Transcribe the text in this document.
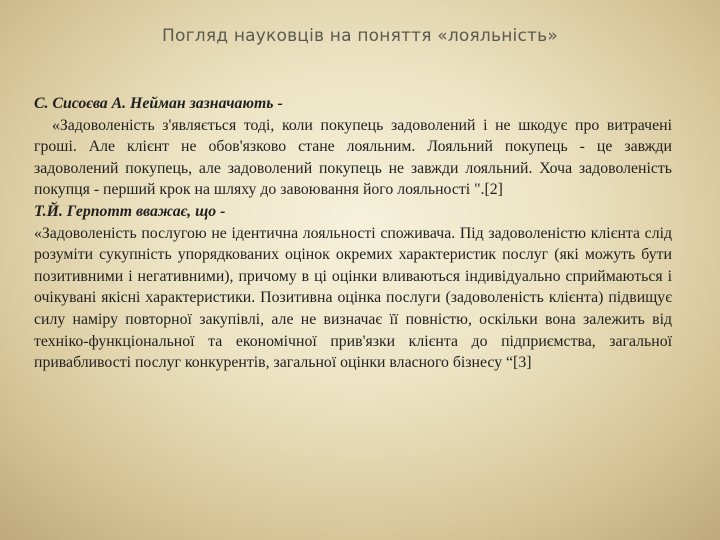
Погляд науковців на поняття «лояльність»

С. Сисоєва А. Нейман зазначають -

«Задоволеність з'являється тоді, коли покупець задоволений і не шкодує про витрачені гроші. Але клієнт не обов'язково стане лояльним. Лояльний покупець - це завжди задоволений покупець, але задоволений покупець не завжди лояльний. Хоча задоволеність покупця - перший крок на шляху до завоювання його лояльності ".[2]

Т.Й. Герпотт вважає, що -

«Задоволеність послугою не ідентична лояльності споживача. Під задоволеністю клієнта слід розуміти сукупність упорядкованих оцінок окремих характеристик послуг (які можуть бути позитивними і негативними), причому в ці оцінки вливаються індивідуально сприймаються і очікувані якісні характеристики. Позитивна оцінка послуги (задоволеність клієнта) підвищує силу наміру повторної закупівлі, але не визначає її повністю, оскільки вона залежить від техніко-функціональної та економічної прив'язки клієнта до підприємства, загальної привабливості послуг конкурентів, загальної оцінки власного бізнесу “[3]
